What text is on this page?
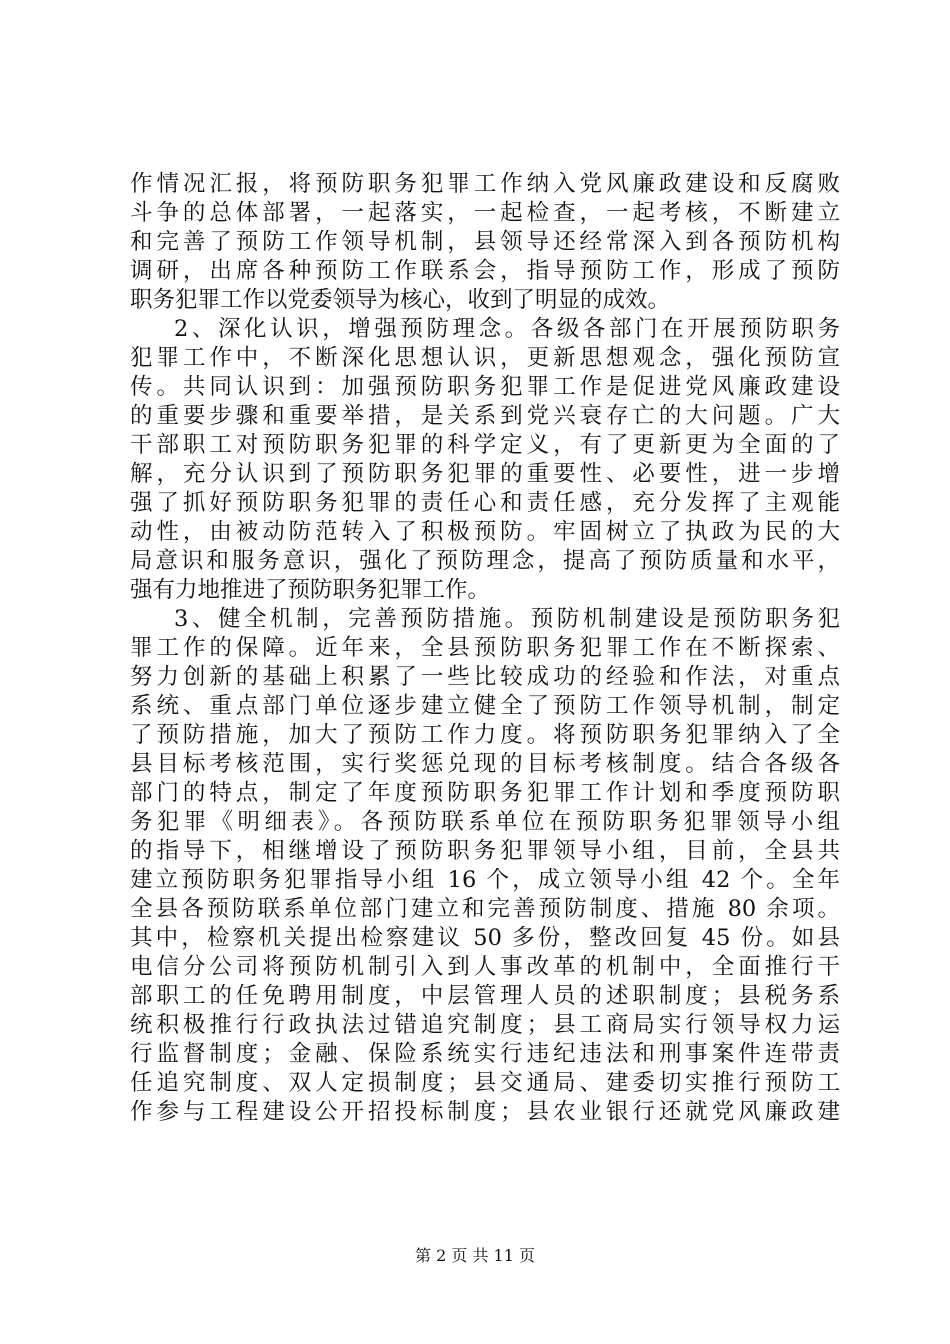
作情况汇报，将预防职务犯罪工作纳入党风廉政建设和反腐败
斗争的总体部署，一起落实，一起检查，一起考核，不断建立
和完善了预防工作领导机制，县领导还经常深入到各预防机构
调研，出席各种预防工作联系会，指导预防工作，形成了预防
职务犯罪工作以党委领导为核心，收到了明显的成效。
2、深化认识，增强预防理念。各级各部门在开展预防职务
犯罪工作中，不断深化思想认识，更新思想观念，强化预防宣
传。共同认识到：加强预防职务犯罪工作是促进党风廉政建设
的重要步骤和重要举措，是关系到党兴衰存亡的大问题。广大
干部职工对预防职务犯罪的科学定义，有了更新更为全面的了
解，充分认识到了预防职务犯罪的重要性、必要性，进一步增
强了抓好预防职务犯罪的责任心和责任感，充分发挥了主观能
动性，由被动防范转入了积极预防。牢固树立了执政为民的大
局意识和服务意识，强化了预防理念，提高了预防质量和水平，
强有力地推进了预防职务犯罪工作。
3、健全机制，完善预防措施。预防机制建设是预防职务犯
罪工作的保障。近年来，全县预防职务犯罪工作在不断探索、
努力创新的基础上积累了一些比较成功的经验和作法，对重点
系统、重点部门单位逐步建立健全了预防工作领导机制，制定
了预防措施，加大了预防工作力度。将预防职务犯罪纳入了全
县目标考核范围，实行奖惩兑现的目标考核制度。结合各级各
部门的特点，制定了年度预防职务犯罪工作计划和季度预防职
务犯罪《明细表》。各预防联系单位在预防职务犯罪领导小组
的指导下，相继增设了预防职务犯罪领导小组，目前，全县共
建立预防职务犯罪指导小组 16 个，成立领导小组 42 个。全年
全县各预防联系单位部门建立和完善预防制度、措施 80 余项。
其中，检察机关提出检察建议 50 多份，整改回复 45 份。如县
电信分公司将预防机制引入到人事改革的机制中，全面推行干
部职工的任免聘用制度，中层管理人员的述职制度；县税务系
统积极推行行政执法过错追究制度；县工商局实行领导权力运
行监督制度；金融、保险系统实行违纪违法和刑事案件连带责
任追究制度、双人定损制度；县交通局、建委切实推行预防工
作参与工程建设公开招投标制度；县农业银行还就党风廉政建
第 2 页 共 11 页
